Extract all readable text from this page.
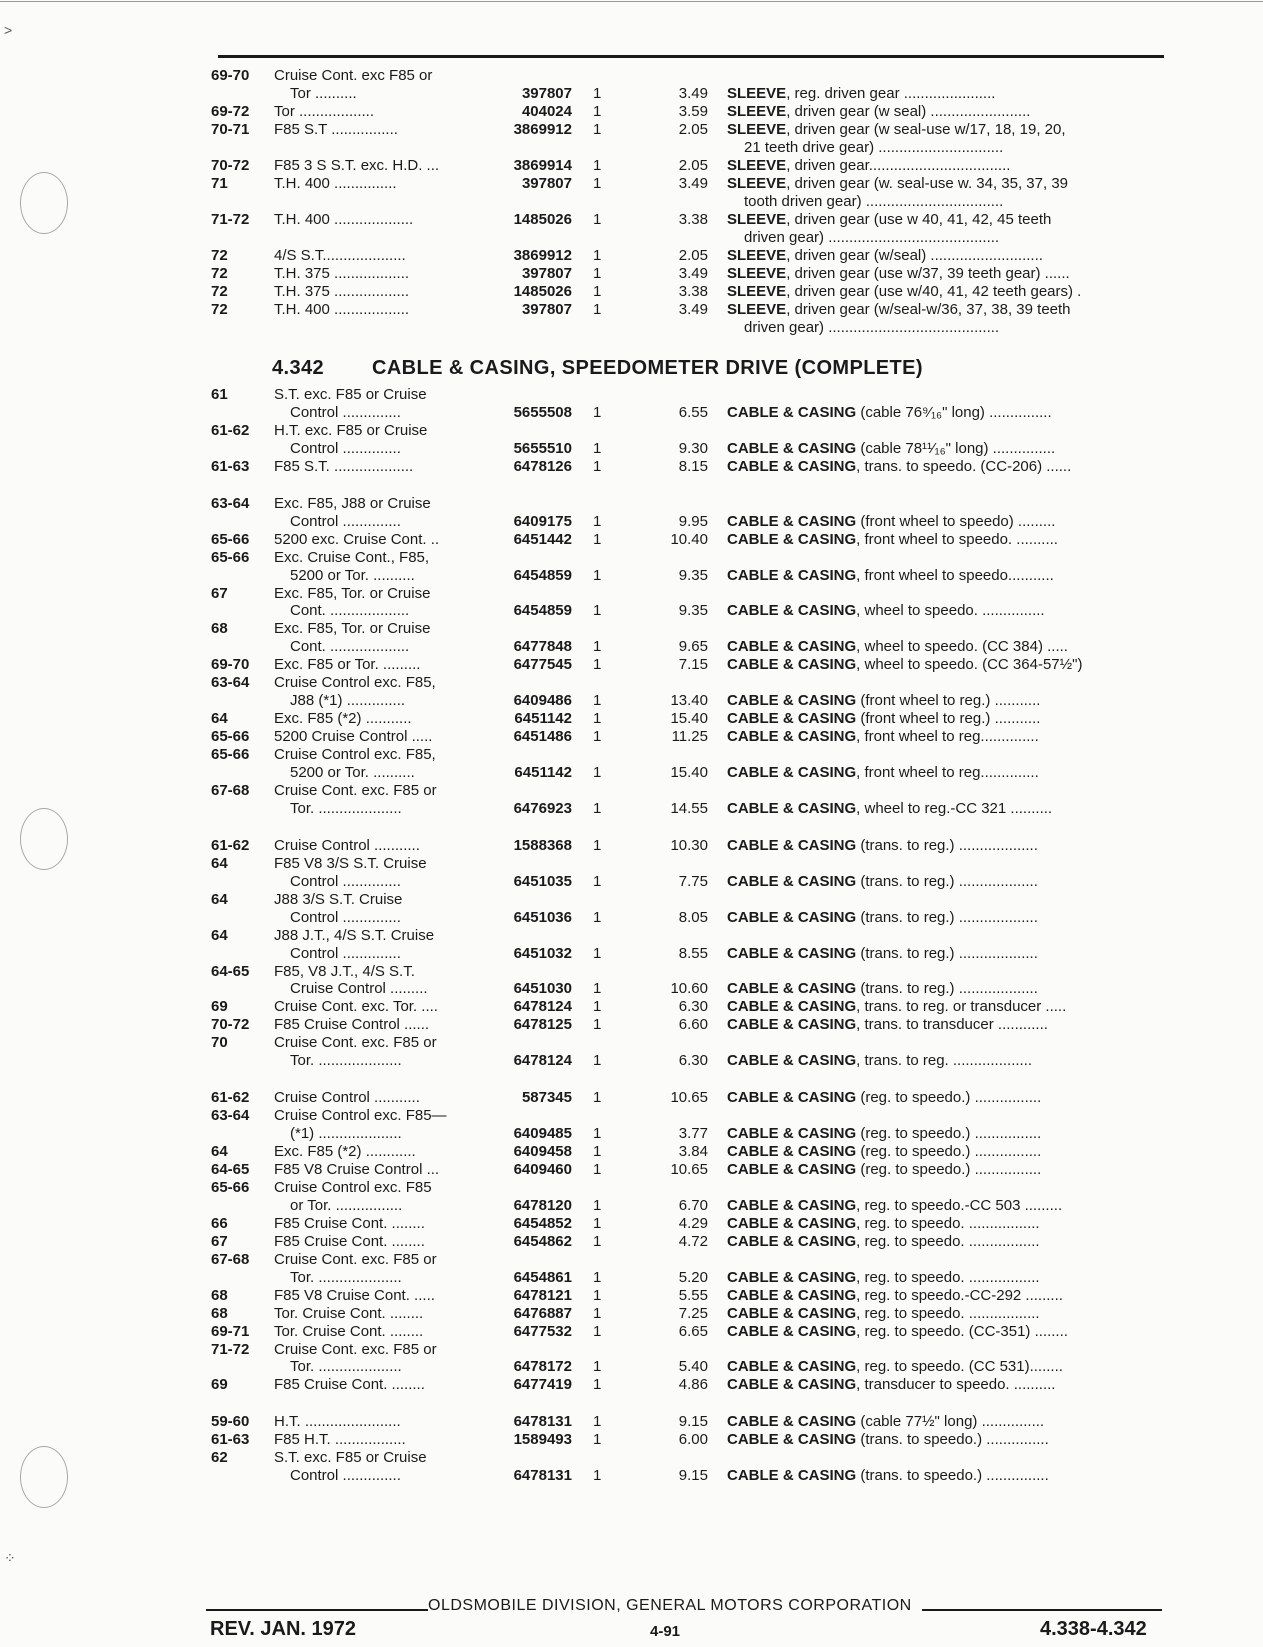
>
⁘
69-70	Cruise Cont. exc F85 or
Tor ..........	397807 1	3.49 SLEEVE, reg. driven gear ......................
69-72	Tor ..................	404024 1	3.59 SLEEVE, driven gear (w seal) ........................
70-71	F85 S.T ................	3869912 1	2.05 SLEEVE, driven gear (w seal-use w/17, 18, 19, 20,
21 teeth drive gear) ..............................
70-72	F85 3 S S.T. exc. H.D. ...	3869914 1	2.05 SLEEVE, driven gear..................................
71	T.H. 400 ...............	397807 1	3.49 SLEEVE, driven gear (w. seal-use w. 34, 35, 37, 39
tooth driven gear) .................................
71-72	T.H. 400 ...................	1485026 1	3.38 SLEEVE, driven gear (use w 40, 41, 42, 45 teeth
driven gear) .........................................
72	4/S S.T....................	3869912 1	2.05 SLEEVE, driven gear (w/seal) ...........................
72	T.H. 375 ..................	397807 1	3.49 SLEEVE, driven gear (use w/37, 39 teeth gear) ......
72	T.H. 375 ..................	1485026 1	3.38 SLEEVE, driven gear (use w/40, 41, 42 teeth gears) .
72	T.H. 400 ..................	397807 1	3.49 SLEEVE, driven gear (w/seal-w/36, 37, 38, 39 teeth
driven gear) .........................................
4.342 CABLE & CASING, SPEEDOMETER DRIVE (COMPLETE)
61	S.T. exc. F85 or Cruise
Control ..............	5655508 1	6.55 CABLE & CASING (cable 76⁹⁄₁₆" long) ...............
61-62	H.T. exc. F85 or Cruise
Control ..............	5655510 1	9.30 CABLE & CASING (cable 78¹¹⁄₁₆" long) ...............
61-63	F85 S.T. ...................	6478126 1	8.15 CABLE & CASING, trans. to speedo. (CC-206) ......
63-64	Exc. F85, J88 or Cruise
Control ..............	6409175 1	9.95 CABLE & CASING (front wheel to speedo) .........
65-66	5200 exc. Cruise Cont. ..	6451442 1	10.40 CABLE & CASING, front wheel to speedo. ..........
65-66	Exc. Cruise Cont., F85,
5200 or Tor. ..........	6454859 1	9.35 CABLE & CASING, front wheel to speedo...........
67	Exc. F85, Tor. or Cruise
Cont. ...................	6454859 1	9.35 CABLE & CASING, wheel to speedo. ...............
68	Exc. F85, Tor. or Cruise
Cont. ...................	6477848 1	9.65 CABLE & CASING, wheel to speedo. (CC 384) .....
69-70	Exc. F85 or Tor. .........	6477545 1	7.15 CABLE & CASING, wheel to speedo. (CC 364-57½")
63-64	Cruise Control exc. F85,
J88 (*1) ..............	6409486 1	13.40 CABLE & CASING (front wheel to reg.) ...........
64	Exc. F85 (*2) ...........	6451142 1	15.40 CABLE & CASING (front wheel to reg.) ...........
65-66	5200 Cruise Control .....	6451486 1	11.25 CABLE & CASING, front wheel to reg..............
65-66	Cruise Control exc. F85,
5200 or Tor. ..........	6451142 1	15.40 CABLE & CASING, front wheel to reg..............
67-68	Cruise Cont. exc. F85 or
Tor. ....................	6476923 1	14.55 CABLE & CASING, wheel to reg.-CC 321 ..........
61-62	Cruise Control ...........	1588368 1	10.30 CABLE & CASING (trans. to reg.) ...................
64	F85 V8 3/S S.T. Cruise
Control ..............	6451035 1	7.75 CABLE & CASING (trans. to reg.) ...................
64	J88 3/S S.T. Cruise
Control ..............	6451036 1	8.05 CABLE & CASING (trans. to reg.) ...................
64	J88 J.T., 4/S S.T. Cruise
Control ..............	6451032 1	8.55 CABLE & CASING (trans. to reg.) ...................
64-65	F85, V8 J.T., 4/S S.T.
Cruise Control .........	6451030 1	10.60 CABLE & CASING (trans. to reg.) ...................
69	Cruise Cont. exc. Tor. ....	6478124 1	6.30 CABLE & CASING, trans. to reg. or transducer .....
70-72	F85 Cruise Control ......	6478125 1	6.60 CABLE & CASING, trans. to transducer ............
70	Cruise Cont. exc. F85 or
Tor. ....................	6478124 1	6.30 CABLE & CASING, trans. to reg. ...................
61-62	Cruise Control ...........	587345 1	10.65 CABLE & CASING (reg. to speedo.) ................
63-64	Cruise Control exc. F85—
(*1) ....................	6409485 1	3.77 CABLE & CASING (reg. to speedo.) ................
64	Exc. F85 (*2) ............	6409458 1	3.84 CABLE & CASING (reg. to speedo.) ................
64-65	F85 V8 Cruise Control ...	6409460 1	10.65 CABLE & CASING (reg. to speedo.) ................
65-66	Cruise Control exc. F85
or Tor. ................	6478120 1	6.70 CABLE & CASING, reg. to speedo.-CC 503 .........
66	F85 Cruise Cont. ........	6454852 1	4.29 CABLE & CASING, reg. to speedo. .................
67	F85 Cruise Cont. ........	6454862 1	4.72 CABLE & CASING, reg. to speedo. .................
67-68	Cruise Cont. exc. F85 or
Tor. ....................	6454861 1	5.20 CABLE & CASING, reg. to speedo. .................
68	F85 V8 Cruise Cont. .....	6478121 1	5.55 CABLE & CASING, reg. to speedo.-CC-292 .........
68	Tor. Cruise Cont. ........	6476887 1	7.25 CABLE & CASING, reg. to speedo. .................
69-71	Tor. Cruise Cont. ........	6477532 1	6.65 CABLE & CASING, reg. to speedo. (CC-351) ........
71-72	Cruise Cont. exc. F85 or
Tor. ....................	6478172 1	5.40 CABLE & CASING, reg. to speedo. (CC 531)........
69	F85 Cruise Cont. ........	6477419 1	4.86 CABLE & CASING, transducer to speedo. ..........
59-60	H.T. .......................	6478131 1	9.15 CABLE & CASING (cable 77½" long) ...............
61-63	F85 H.T. .................	1589493 1	6.00 CABLE & CASING (trans. to speedo.) ...............
62	S.T. exc. F85 or Cruise
Control ..............	6478131 1	9.15 CABLE & CASING (trans. to speedo.) ...............
OLDSMOBILE DIVISION, GENERAL MOTORS CORPORATION
REV. JAN. 1972	4-91	4.338-4.342
